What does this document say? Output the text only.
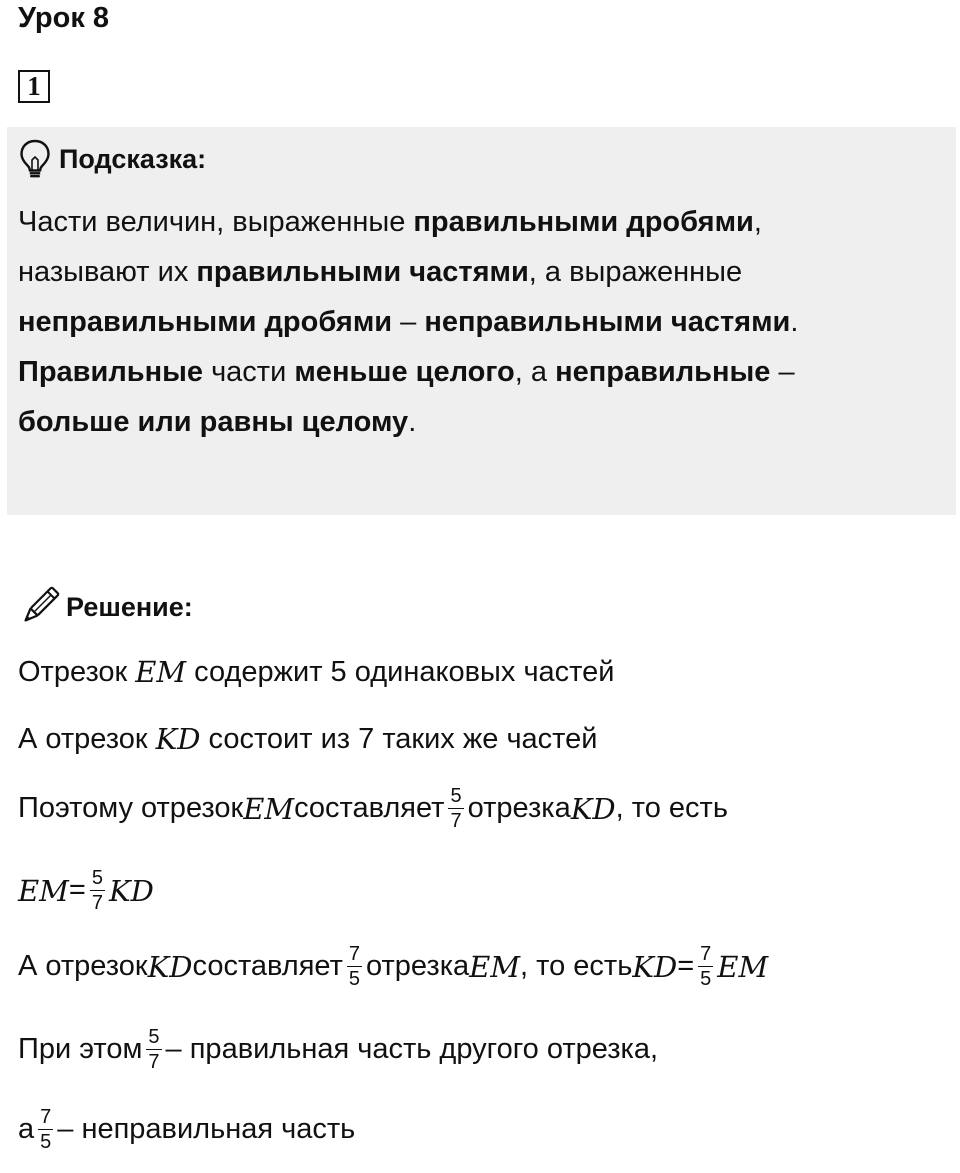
Урок 8
1
Подсказка:

Части величин, выраженные правильными дробями,
называют их правильными частями, а выраженные
неправильными дробями – неправильными частями.
Правильные части меньше целого, а неправильные –
больше или равны целому.

Решение:
Отрезок EM содержит 5 одинаковых частей
А отрезок KD состоит из 7 таких же частей
Поэтому отрезок EM составляет $\frac{5}{7}$ отрезка KD , то есть
EM = $\frac{5}{7}$ KD
А отрезок KD составляет $\frac{7}{5}$ отрезка EM , то есть KD = $\frac{7}{5}$ EM
При этом $\frac{5}{7}$ – правильная часть другого отрезка,
а $\frac{7}{5}$ – неправильная часть
